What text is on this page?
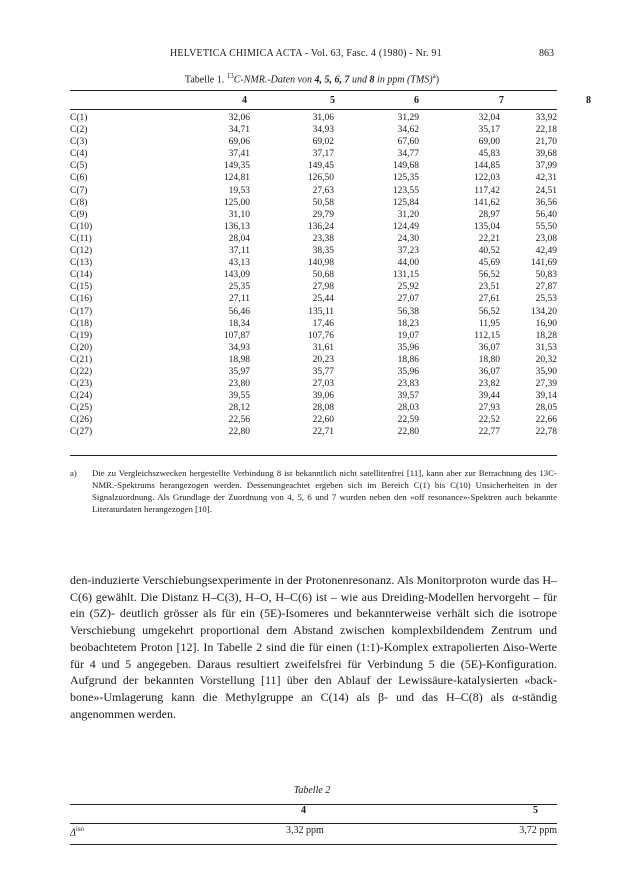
HELVETICA CHIMICA ACTA - Vol. 63, Fasc. 4 (1980) - Nr. 91	863
Tabelle 1. $^{13}$C-NMR.-Daten von 4, 5, 6, 7 und 8 in ppm (TMS)$^a$)
4	5	6	7	8
C(1)	32,06	31,06	31,29	32,04	33,92
C(2)	34,71	34,93	34,62	35,17	22,18
C(3)	69,06	69,02	67,60	69,00	21,70
C(4)	37,41	37,17	34,77	45,83	39,68
C(5)	149,35	149,45	149,68	144,85	37,99
C(6)	124,81	126,50	125,35	122,03	42,31
C(7)	19,53	27,63	123,55	117,42	24,51
C(8)	125,00	50,58	125,84	141,62	36,56
C(9)	31,10	29,79	31,20	28,97	56,40
C(10)	136,13	136,24	124,49	135,04	55,50
C(11)	28,04	23,38	24,30	22,21	23,08
C(12)	37,11	38,35	37,23	40,52	42,49
C(13)	43,13	140,98	44,00	45,69	141,69
C(14)	143,09	50,68	131,15	56,52	50,83
C(15)	25,35	27,98	25,92	23,51	27,87
C(16)	27,11	25,44	27,07	27,61	25,53
C(17)	56,46	135,11	56,38	56,52	134,20
C(18)	18,34	17,46	18,23	11,95	16,90
C(19)	107,87	107,76	19,07	112,15	18,28
C(20)	34,93	31,61	35,96	36,07	31,53
C(21)	18,98	20,23	18,86	18,80	20,32
C(22)	35,97	35,77	35,96	36,07	35,90
C(23)	23,80	27,03	23,83	23,82	27,39
C(24)	39,55	39,06	39,57	39,44	39,14
C(25)	28,12	28,08	28,03	27,93	28,05
C(26)	22,56	22,60	22,59	22,52	22,66
C(27)	22,80	22,71	22,80	22,77	22,78
a) Die zu Vergleichszwecken hergestellte Verbindung 8 ist bekanntlich nicht satellitenfrei [11], kann aber zur Betrachtung des 13C-NMR.-Spektrums herangezogen werden. Dessenungeachtet ergeben sich im Bereich C(1) bis C(10) Unsicherheiten in der Signalzuordnung. Als Grundlage der Zuordnung von 4, 5, 6 und 7 wurden neben den «off resonance»-Spektren auch bekannte Literaturdaten herangezogen [10].

den-induzierte Verschiebungsexperimente in der Protonenresonanz. Als Monitorproton wurde das H–C(6) gewählt. Die Distanz H–C(3), H–O, H–C(6) ist – wie aus Dreiding-Modellen hervorgeht – für ein (5Z)- deutlich grösser als für ein (5E)-Isomeres und bekannterweise verhält sich die isotrope Verschiebung umgekehrt proportional dem Abstand zwischen komplexbildendem Zentrum und beobachtetem Proton [12]. In Tabelle 2 sind die für einen (1:1)-Komplex extrapolierten Δiso-Werte für 4 und 5 angegeben. Daraus resultiert zweifelsfrei für Verbindung 5 die (5E)-Konfiguration. Aufgrund der bekannten Vorstellung [11] über den Ablauf der Lewissäure-katalysierten «back-bone»-Umlagerung kann die Methylgruppe an C(14) als β- und das H–C(8) als α-ständig angenommen werden.

Tabelle 2
4	5
$\Delta^{iso}$	3,32 ppm	3,72 ppm
